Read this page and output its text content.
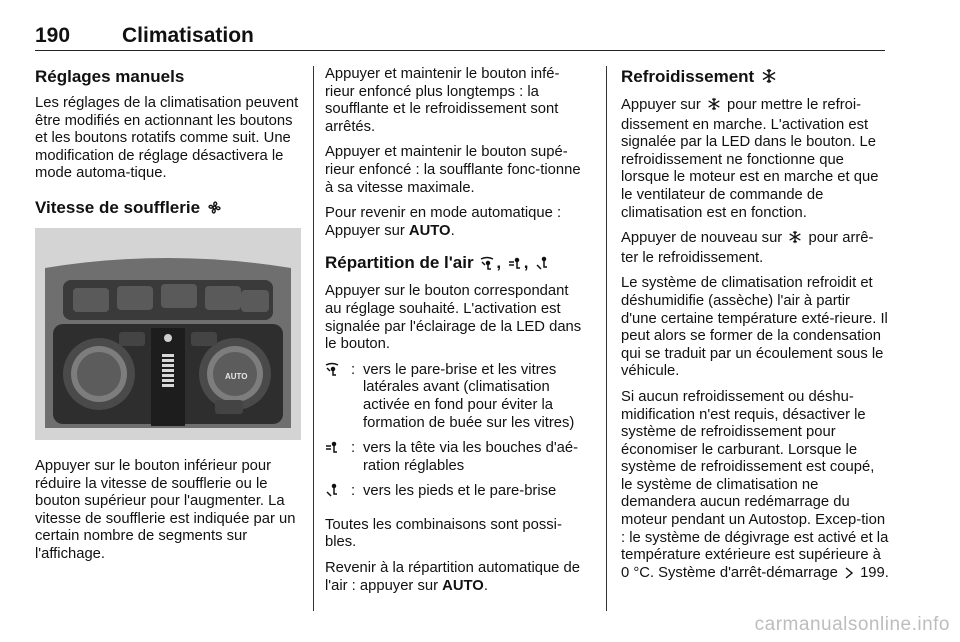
190 Climatisation
Réglages manuels

Les réglages de la climatisation peuvent être modifiés en actionnant les boutons et les boutons rotatifs comme suit. Une modification de réglage désactivera le mode automa-tique.

Vitesse de soufflerie
AUTO

Appuyer sur le bouton inférieur pour réduire la vitesse de soufflerie ou le bouton supérieur pour l'augmenter. La vitesse de soufflerie est indiquée par un certain nombre de segments sur l'affichage.

Appuyer et maintenir le bouton infé-rieur enfoncé plus longtemps : la soufflante et le refroidissement sont arrêtés.

Appuyer et maintenir le bouton supé-rieur enfoncé : la soufflante fonc-tionne à sa vitesse maximale.

Pour revenir en mode automatique : Appuyer sur AUTO.

Répartition de l'air , ,

Appuyer sur le bouton correspondant au réglage souhaité. L'activation est signalée par l'éclairage de la LED dans le bouton.

: vers le pare-brise et les vitres latérales avant (climatisation activée en fond pour éviter la formation de buée sur les vitres)
: vers la tête via les bouches d'aé-ration réglables
: vers les pieds et le pare-brise

Toutes les combinaisons sont possi-bles.

Revenir à la répartition automatique de l'air : appuyer sur AUTO.

Refroidissement

Appuyer sur pour mettre le refroi-dissement en marche. L'activation est signalée par la LED dans le bouton. Le refroidissement ne fonctionne que lorsque le moteur est en marche et que le ventilateur de commande de climatisation est en fonction.

Appuyer de nouveau sur pour arrê-ter le refroidissement.

Le système de climatisation refroidit et déshumidifie (assèche) l'air à partir d'une certaine température exté-rieure. Il peut alors se former de la condensation qui se traduit par un écoulement sous le véhicule.

Si aucun refroidissement ou déshu-midification n'est requis, désactiver le système de refroidissement pour économiser le carburant. Lorsque le système de refroidissement est coupé, le système de climatisation ne demandera aucun redémarrage du moteur pendant un Autostop. Excep-tion : le système de dégivrage est activé et la température extérieure est supérieure à 0 °C. Système d'arrêt-démarrage 199.

carmanualsonline.info
